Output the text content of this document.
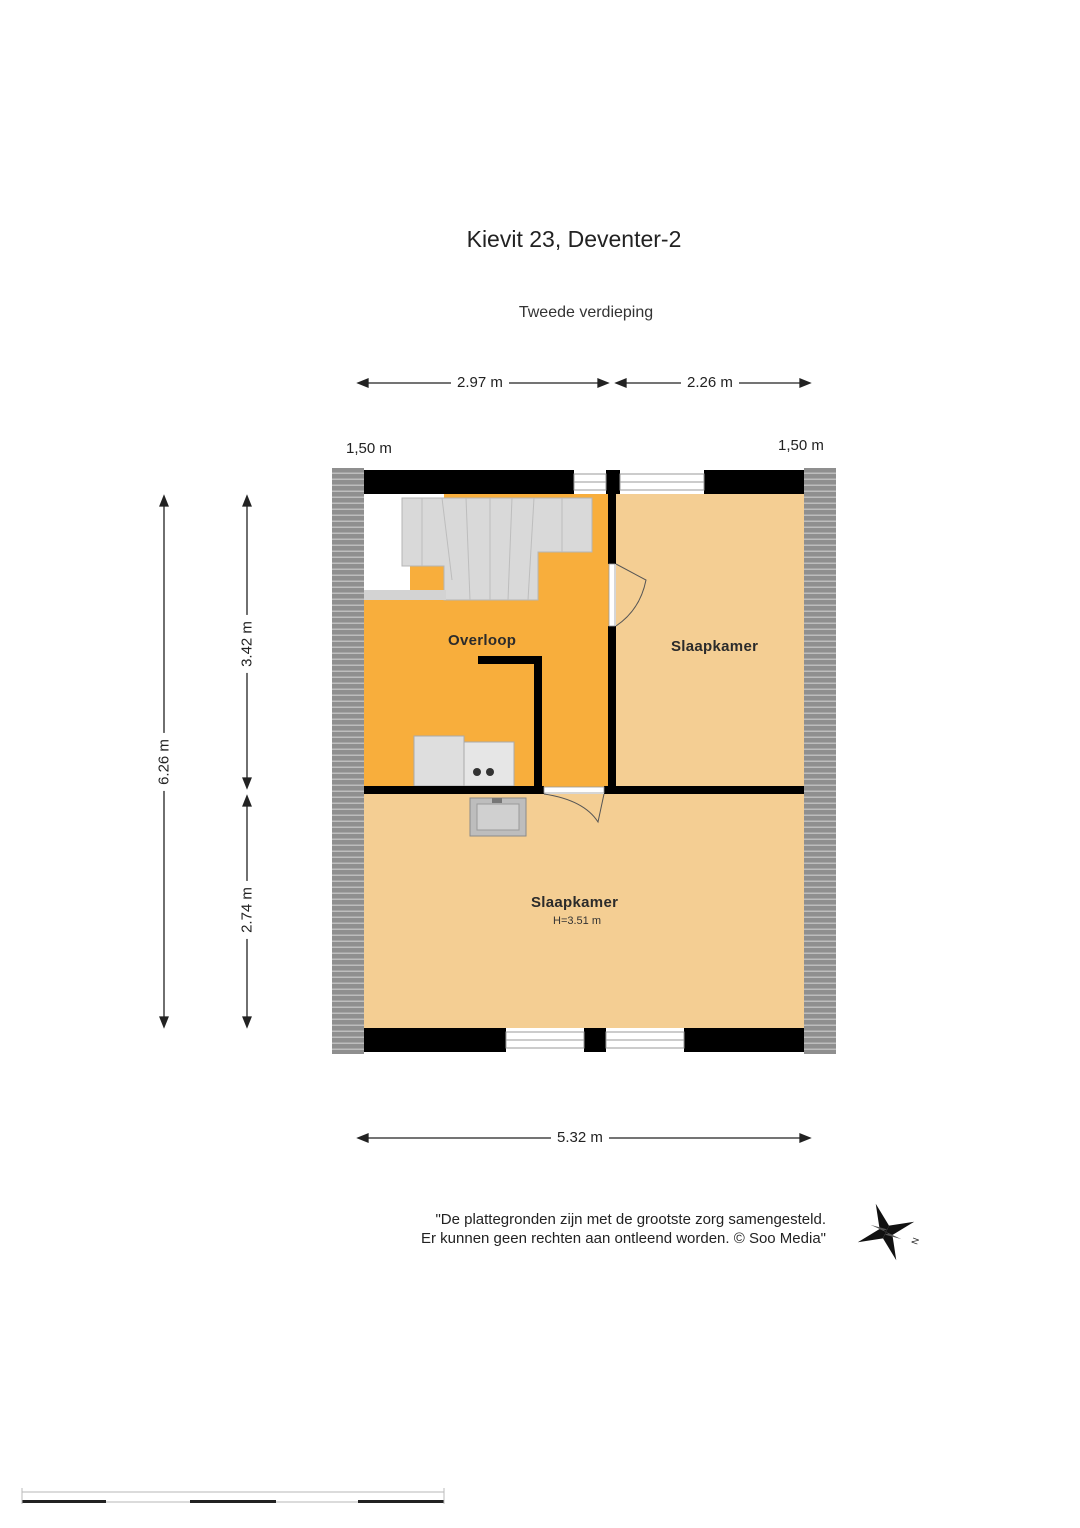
Kievit 23, Deventer-2
Tweede verdieping
2.97 m	2.26 m
1,50 m	1,50 m
5.32 m
6.26 m
3.42 m
2.74 m
Overloop	Slaapkamer
Slaapkamer
H=3.51 m
N
"De plattegronden zijn met de grootste zorg samengesteld.
Er kunnen geen rechten aan ontleend worden. © Soo Media"
